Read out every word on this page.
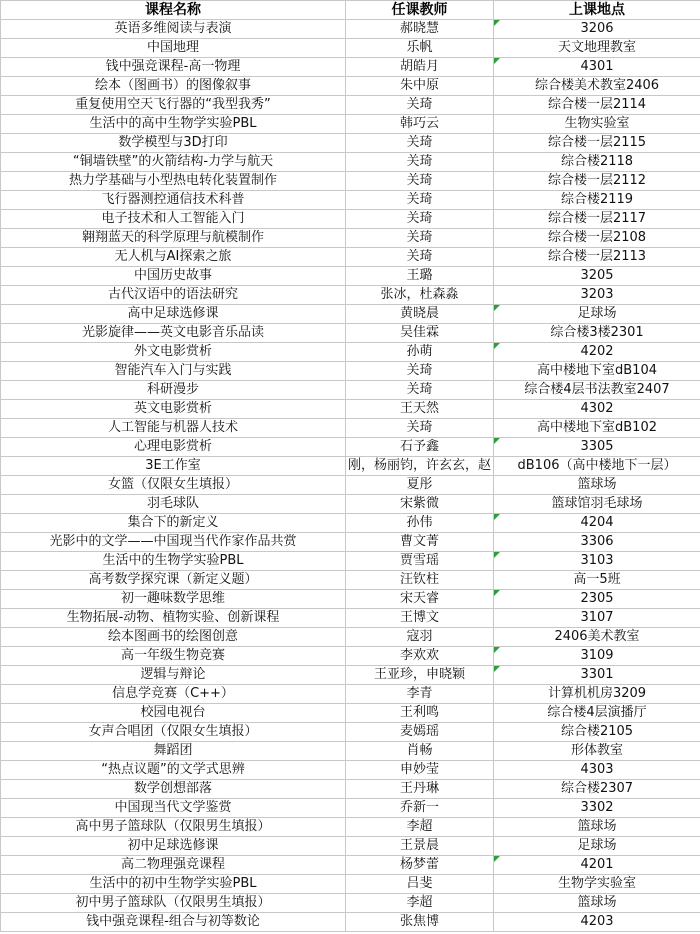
课程名称	任课教师	上课地点
英语多维阅读与表演	郝晓慧	3206
中国地理	乐帆	天文地理教室
钱中强竞课程-高一物理	胡皓月	4301
绘本（图画书）的图像叙事	朱中原	综合楼美术教室2406
重复使用空天飞行器的“我型我秀”	关琦	综合楼一层2114
生活中的高中生物学实验PBL	韩巧云	生物实验室
数学模型与3D打印	关琦	综合楼一层2115
“铜墙铁壁”的火箭结构-力学与航天	关琦	综合楼2118
热力学基础与小型热电转化装置制作	关琦	综合楼一层2112
飞行器测控通信技术科普	关琦	综合楼2119
电子技术和人工智能入门	关琦	综合楼一层2117
翱翔蓝天的科学原理与航模制作	关琦	综合楼一层2108
无人机与AI探索之旅	关琦	综合楼一层2113
中国历史故事	王璐	3205
古代汉语中的语法研究	张冰，杜森淼	3203
高中足球选修课	黄晓晨	足球场
光影旋律——英文电影音乐品读	吴佳霖	综合楼3楼2301
外文电影赏析	孙萌	4202
智能汽车入门与实践	关琦	高中楼地下室dB104
科研漫步	关琦	综合楼4层书法教室2407
英文电影赏析	王天然	4302
人工智能与机器人技术	关琦	高中楼地下室dB102
心理电影赏析	石予鑫	3305
3E工作室	刚，杨丽钧，许玄玄，赵	dB106（高中楼地下一层）
女篮（仅限女生填报）	夏彤	篮球场
羽毛球队	宋紫微	篮球馆羽毛球场
集合下的新定义	孙伟	4204
光影中的文学——中国现当代作家作品共赏	曹文菁	3306
生活中的生物学实验PBL	贾雪瑶	3103
高考数学探究课（新定义题）	汪钦柱	高一5班
初一趣味数学思维	宋天睿	2305
生物拓展-动物、植物实验、创新课程	王博文	3107
绘本图画书的绘图创意	寇羽	2406美术教室
高一年级生物竞赛	李欢欢	3109
逻辑与辩论	王亚珍，申晓颖	3301
信息学竞赛（C++）	李青	计算机机房3209
校园电视台	王利鸣	综合楼4层演播厅
女声合唱团（仅限女生填报）	麦嫣瑶	综合楼2105
舞蹈团	肖畅	形体教室
“热点议题”的文学式思辨	申妙莹	4303
数学创想部落	王丹琳	综合楼2307
中国现当代文学鉴赏	乔新一	3302
高中男子篮球队（仅限男生填报）	李超	篮球场
初中足球选修课	王景晨	足球场
高二物理强竞课程	杨梦蕾	4201
生活中的初中生物学实验PBL	吕斐	生物学实验室
初中男子篮球队（仅限男生填报）	李超	篮球场
钱中强竞课程-组合与初等数论	张焦博	4203
